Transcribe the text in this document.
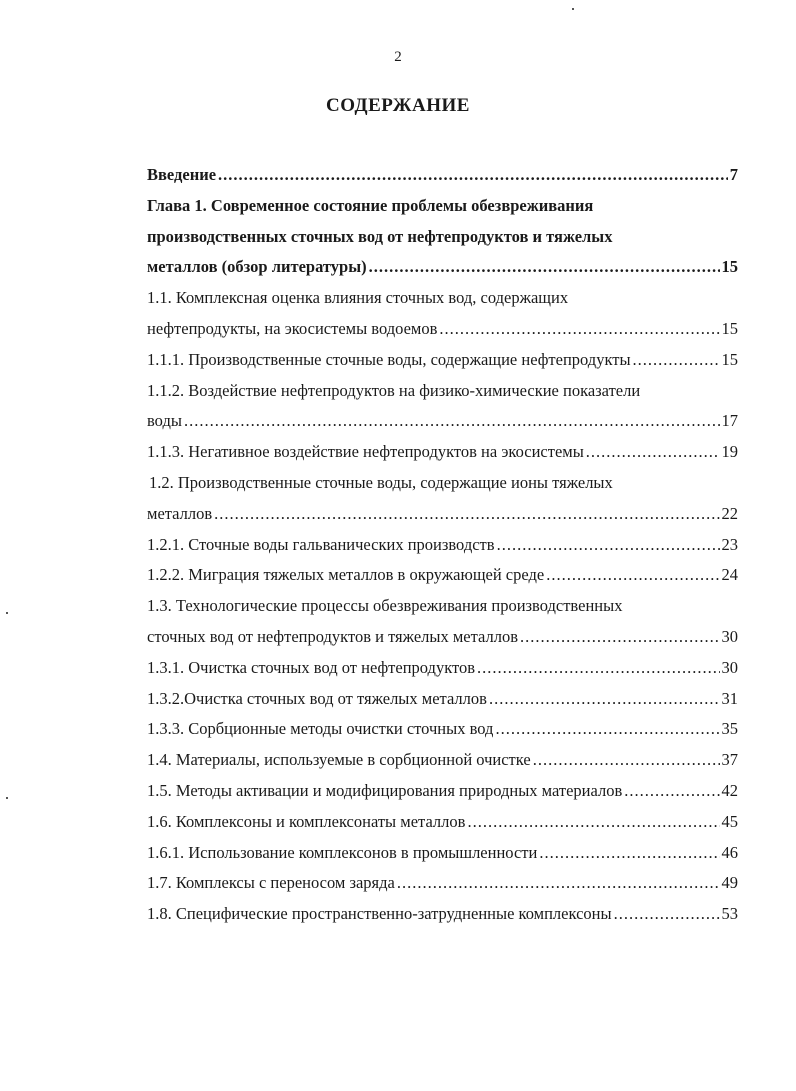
2
СОДЕРЖАНИЕ
Введение .....	7
Глава 1. Современное состояние проблемы обезвреживания
производственных сточных вод от нефтепродуктов и тяжелых
металлов (обзор литературы) .....	15
1.1. Комплексная оценка влияния сточных вод, содержащих
нефтепродукты, на экосистемы водоемов .....	15
1.1.1. Производственные сточные воды, содержащие нефтепродукты .....	15
1.1.2. Воздействие нефтепродуктов на физико-химические показатели
воды .....	17
1.1.3. Негативное воздействие нефтепродуктов на экосистемы .....	19
1.2. Производственные сточные воды, содержащие ионы тяжелых
металлов .....	22
1.2.1. Сточные воды гальванических производств .....	23
1.2.2. Миграция тяжелых металлов в окружающей среде .....	24
1.3. Технологические процессы обезвреживания производственных
сточных вод от нефтепродуктов и тяжелых металлов .....	30
1.3.1. Очистка сточных вод от нефтепродуктов .....	30
1.3.2.Очистка сточных вод от тяжелых металлов .....	31
1.3.3. Сорбционные методы очистки сточных вод .....	35
1.4. Материалы, используемые в сорбционной очистке .....	37
1.5. Методы активации и модифицирования природных материалов .....	42
1.6. Комплексоны и комплексонаты металлов .....	45
1.6.1. Использование комплексонов в промышленности .....	46
1.7. Комплексы с переносом заряда .....	49
1.8. Специфические пространственно-затрудненные комплексоны .....	53
